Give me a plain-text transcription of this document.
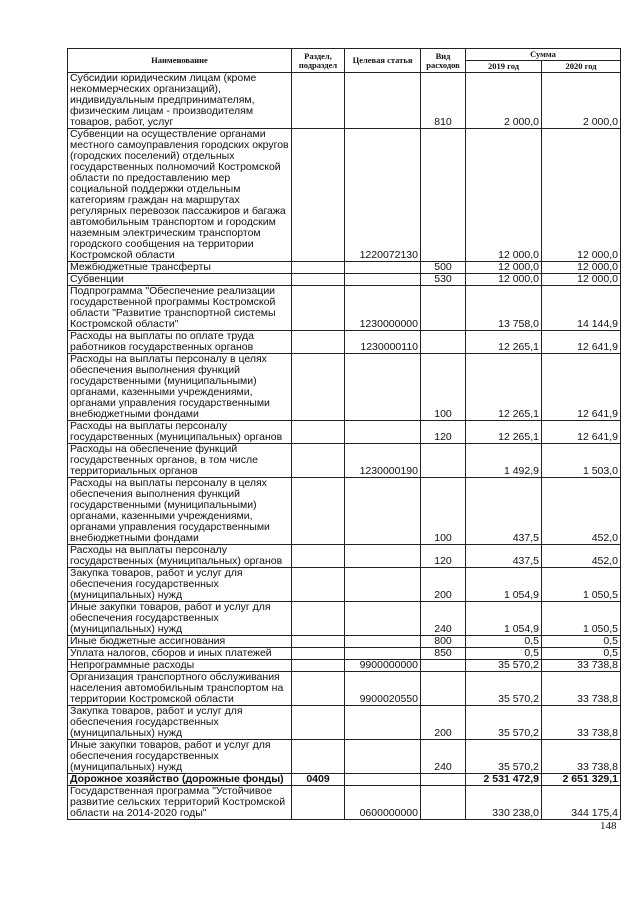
Наименование	Раздел, подраздел	Целевая статья	Вид расходов	Сумма	
				2019 год	2020 год
Субсидии юридическим лицам (кроме некоммерческих организаций), индивидуальным предпринимателям, физическим лицам - производителям товаров, работ, услуг			810	2 000,0	2 000,0
Субвенции на осуществление органами местного самоуправления городских округов (городских поселений) отдельных государственных полномочий Костромской области по предоставлению мер социальной поддержки отдельным категориям граждан на маршрутах регулярных перевозок пассажиров и багажа автомобильным транспортом и городским наземным электрическим транспортом городского сообщения на территории Костромской области		1220072130		12 000,0	12 000,0
Межбюджетные трансферты			500	12 000,0	12 000,0
Субвенции			530	12 000,0	12 000,0
Подпрограмма "Обеспечение реализации государственной программы Костромской области "Развитие транспортной системы Костромской области"		1230000000		13 758,0	14 144,9
Расходы на выплаты по оплате труда работников государственных органов		1230000110		12 265,1	12 641,9
Расходы на выплаты персоналу в целях обеспечения выполнения функций государственными (муниципальными) органами, казенными учреждениями, органами управления государственными внебюджетными фондами			100	12 265,1	12 641,9
Расходы на выплаты персоналу государственных (муниципальных) органов			120	12 265,1	12 641,9
Расходы на обеспечение функций государственных органов, в том числе территориальных органов		1230000190		1 492,9	1 503,0
Расходы на выплаты персоналу в целях обеспечения выполнения функций государственными (муниципальными) органами, казенными учреждениями, органами управления государственными внебюджетными фондами			100	437,5	452,0
Расходы на выплаты персоналу государственных (муниципальных) органов			120	437,5	452,0
Закупка товаров, работ и услуг для обеспечения государственных (муниципальных) нужд			200	1 054,9	1 050,5
Иные закупки товаров, работ и услуг для обеспечения государственных (муниципальных) нужд			240	1 054,9	1 050,5
Иные бюджетные ассигнования			800	0,5	0,5
Уплата налогов, сборов и иных платежей			850	0,5	0,5
Непрограммные расходы		9900000000		35 570,2	33 738,8
Организация транспортного обслуживания населения автомобильным транспортом на территории Костромской области		9900020550		35 570,2	33 738,8
Закупка товаров, работ и услуг для обеспечения государственных (муниципальных) нужд			200	35 570,2	33 738,8
Иные закупки товаров, работ и услуг для обеспечения государственных (муниципальных) нужд			240	35 570,2	33 738,8
Дорожное хозяйство (дорожные фонды)	0409			2 531 472,9	2 651 329,1
Государственная программа "Устойчивое развитие сельских территорий Костромской области на 2014-2020 годы"		0600000000		330 238,0	344 175,4
148
